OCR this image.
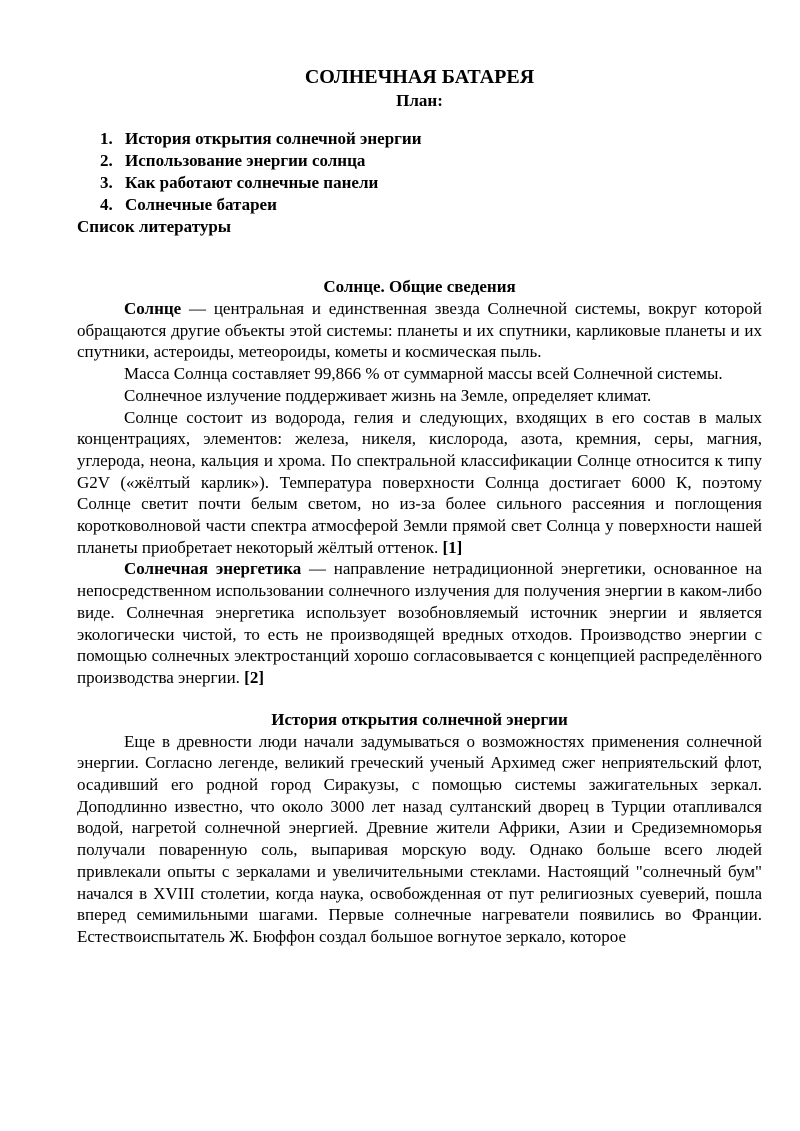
СОЛНЕЧНАЯ БАТАРЕЯ
План:
1. История открытия солнечной энергии
2. Использование энергии солнца
3. Как работают солнечные панели
4. Солнечные батареи
Список литературы
Солнце. Общие сведения

Солнце — центральная и единственная звезда Солнечной системы, вокруг которой обращаются другие объекты этой системы: планеты и их спутники, карликовые планеты и их спутники, астероиды, метеороиды, кометы и космическая пыль.

Масса Солнца составляет 99,866 % от суммарной массы всей Солнечной системы.

Солнечное излучение поддерживает жизнь на Земле, определяет климат.

Солнце состоит из водорода, гелия и следующих, входящих в его состав в малых концентрациях, элементов: железа, никеля, кислорода, азота, кремния, серы, магния, углерода, неона, кальция и хрома. По спектральной классификации Солнце относится к типу G2V («жёлтый карлик»). Температура поверхности Солнца достигает 6000 К, поэтому Солнце светит почти белым светом, но из-за более сильного рассеяния и поглощения коротковолновой части спектра атмосферой Земли прямой свет Солнца у поверхности нашей планеты приобретает некоторый жёлтый оттенок. [1]

Солнечная энергетика — направление нетрадиционной энергетики, основанное на непосредственном использовании солнечного излучения для получения энергии в каком-либо виде. Солнечная энергетика использует возобновляемый источник энергии и является экологически чистой, то есть не производящей вредных отходов. Производство энергии с помощью солнечных электростанций хорошо согласовывается с концепцией распределённого производства энергии. [2]

История открытия солнечной энергии

Еще в древности люди начали задумываться о возможностях применения солнечной энергии. Согласно легенде, великий греческий ученый Архимед сжег неприятельский флот, осадивший его родной город Сиракузы, с помощью системы зажигательных зеркал. Доподлинно известно, что около 3000 лет назад султанский дворец в Турции отапливался водой, нагретой солнечной энергией. Древние жители Африки, Азии и Средиземноморья получали поваренную соль, выпаривая морскую воду. Однако больше всего людей привлекали опыты с зеркалами и увеличительными стеклами. Настоящий "солнечный бум" начался в XVIII столетии, когда наука, освобожденная от пут религиозных суеверий, пошла вперед семимильными шагами. Первые солнечные нагреватели появились во Франции. Естествоиспытатель Ж. Бюффон создал большое вогнутое зеркало, которое
